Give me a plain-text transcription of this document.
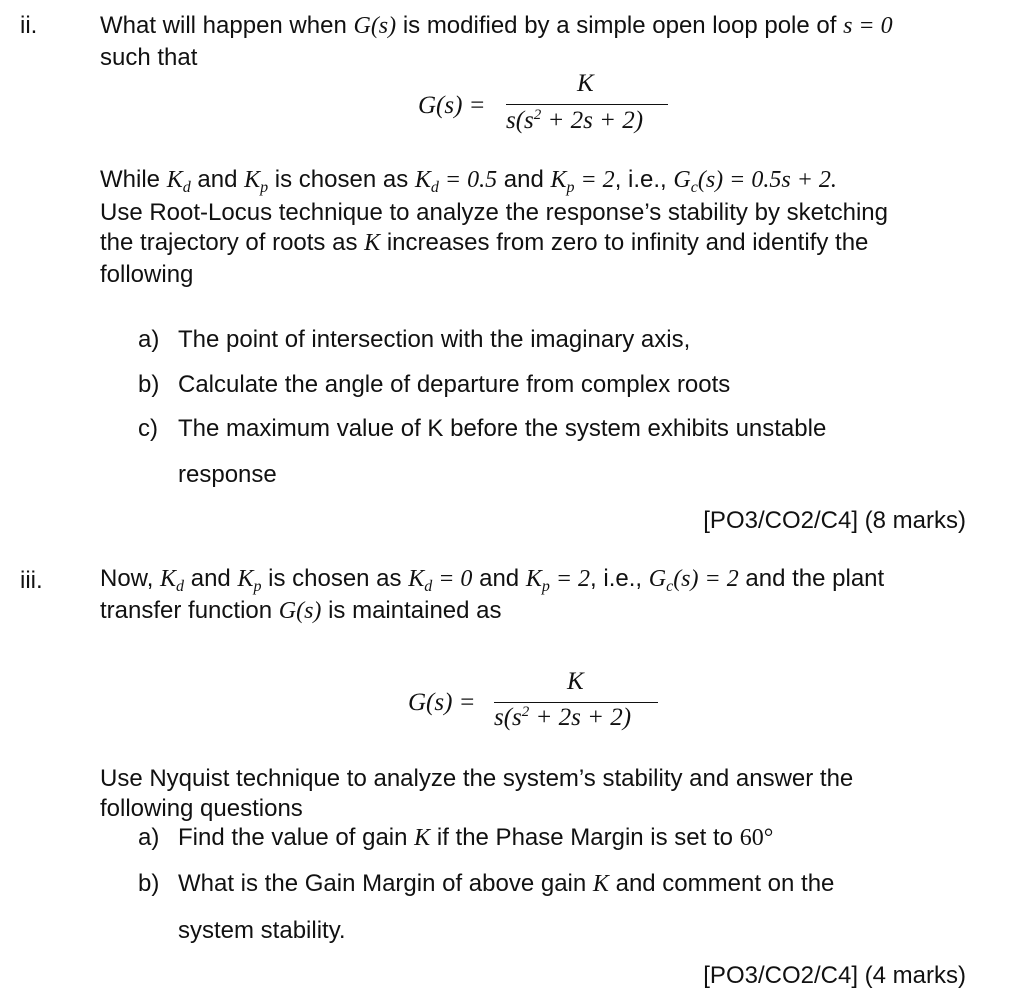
ii.	What will happen when G(s) is modified by a simple open loop pole of s = 0
such that
G(s) =
K
$s(s^2 + 2s + 2)$
While $K_d$ and $K_p$ is chosen as $K_d = 0.5$ and $K_p = 2$, i.e., $G_c(s) = 0.5s + 2$.
Use Root-Locus technique to analyze the response’s stability by sketching
the trajectory of roots as K increases from zero to infinity and identify the
following
a) The point of intersection with the imaginary axis,
b) Calculate the angle of departure from complex roots
c) The maximum value of K before the system exhibits unstable
response
[PO3/CO2/C4] (8 marks)
iii. Now, $K_d$ and $K_p$ is chosen as $K_d = 0$ and $K_p = 2$, i.e., $G_c(s) = 2$ and the plant
transfer function G(s) is maintained as
G(s) =
K
$s(s^2 + 2s + 2)$
Use Nyquist technique to analyze the system’s stability and answer the
following questions
a) Find the value of gain K if the Phase Margin is set to 60°
b) What is the Gain Margin of above gain K and comment on the
system stability.
[PO3/CO2/C4] (4 marks)
